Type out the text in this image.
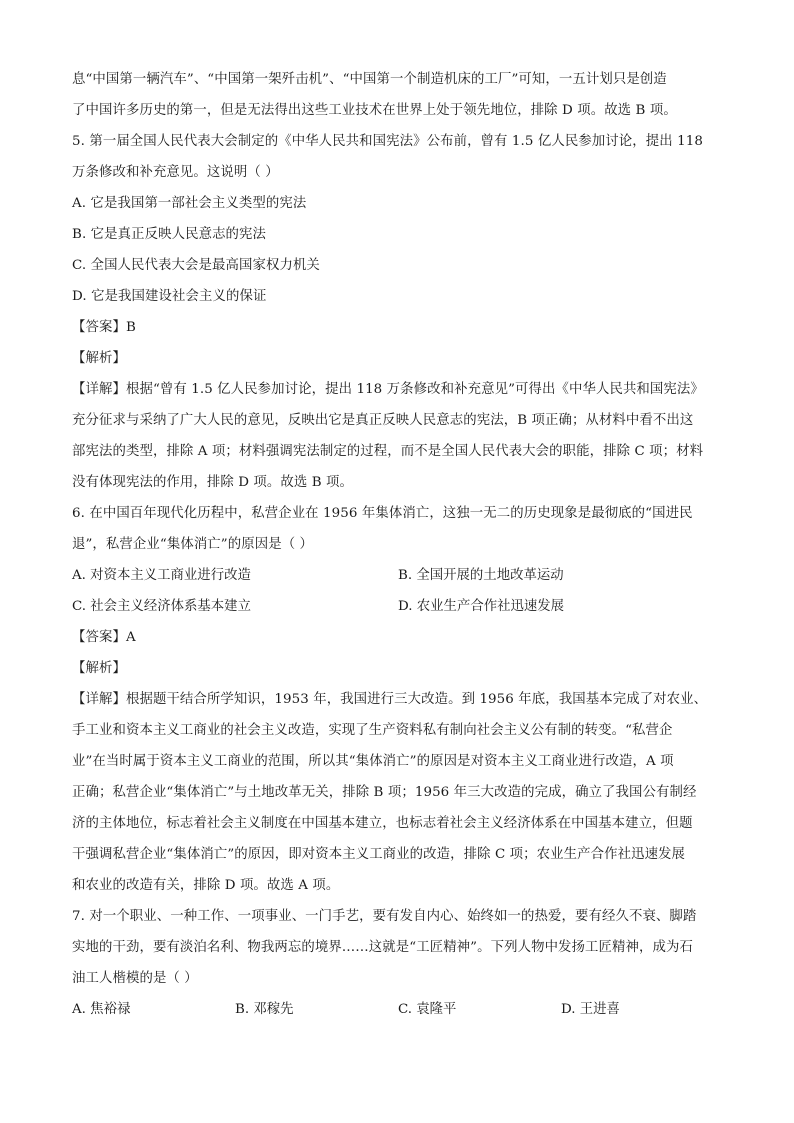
息“中国第一辆汽车”、“中国第一架歼击机”、“中国第一个制造机床的工厂”可知，一五计划只是创造
了中国许多历史的第一，但是无法得出这些工业技术在世界上处于领先地位，排除 D 项。故选 B 项。
5. 第一届全国人民代表大会制定的《中华人民共和国宪法》公布前，曾有 1.5 亿人民参加讨论，提出 118
万条修改和补充意见。这说明（ ）
A. 它是我国第一部社会主义类型的宪法
B. 它是真正反映人民意志的宪法
C. 全国人民代表大会是最高国家权力机关
D. 它是我国建设社会主义的保证
【答案】B
【解析】
【详解】根据“曾有 1.5 亿人民参加讨论，提出 118 万条修改和补充意见”可得出《中华人民共和国宪法》
充分征求与采纳了广大人民的意见，反映出它是真正反映人民意志的宪法，B 项正确；从材料中看不出这
部宪法的类型，排除 A 项；材料强调宪法制定的过程，而不是全国人民代表大会的职能，排除 C 项；材料
没有体现宪法的作用，排除 D 项。故选 B 项。
6. 在中国百年现代化历程中，私营企业在 1956 年集体消亡，这独一无二的历史现象是最彻底的“国进民
退”，私营企业“集体消亡”的原因是（ ）
A. 对资本主义工商业进行改造	B. 全国开展的土地改革运动
C. 社会主义经济体系基本建立	D. 农业生产合作社迅速发展
【答案】A
【解析】
【详解】根据题干结合所学知识，1953 年，我国进行三大改造。到 1956 年底，我国基本完成了对农业、
手工业和资本主义工商业的社会主义改造，实现了生产资料私有制向社会主义公有制的转变。“私营企
业”在当时属于资本主义工商业的范围，所以其“集体消亡”的原因是对资本主义工商业进行改造，A 项
正确；私营企业“集体消亡”与土地改革无关，排除 B 项；1956 年三大改造的完成，确立了我国公有制经
济的主体地位，标志着社会主义制度在中国基本建立，也标志着社会主义经济体系在中国基本建立，但题
干强调私营企业“集体消亡”的原因，即对资本主义工商业的改造，排除 C 项；农业生产合作社迅速发展
和农业的改造有关，排除 D 项。故选 A 项。
7. 对一个职业、一种工作、一项事业、一门手艺，要有发自内心、始终如一的热爱，要有经久不衰、脚踏
实地的干劲，要有淡泊名利、物我两忘的境界……这就是“工匠精神”。下列人物中发扬工匠精神，成为石
油工人楷模的是（ ）
A. 焦裕禄	B. 邓稼先	C. 袁隆平	D. 王进喜
